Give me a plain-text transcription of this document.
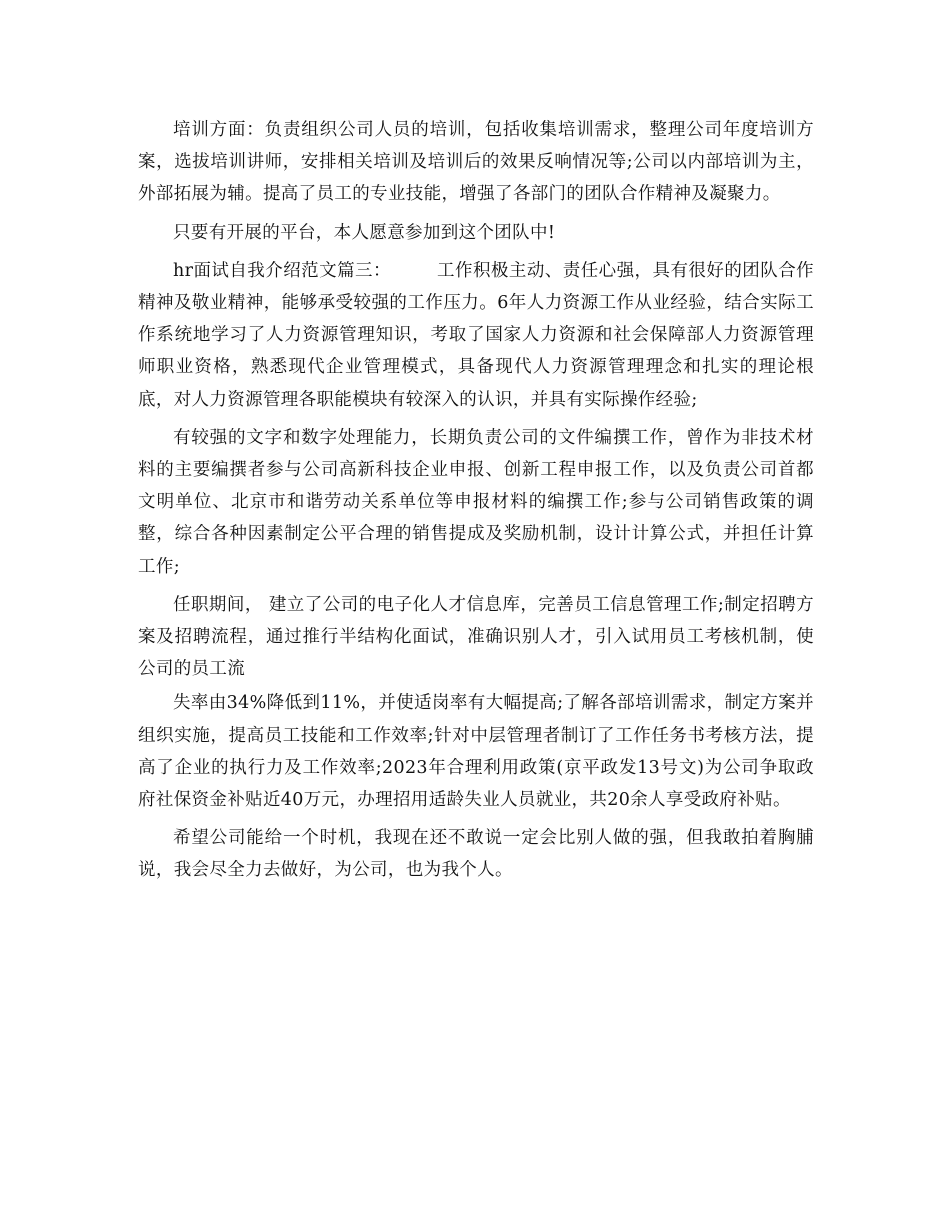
培训方面：负责组织公司人员的培训，包括收集培训需求，整理公司年度培训方案，选拔培训讲师，安排相关培训及培训后的效果反响情况等;公司以内部培训为主，外部拓展为辅。提高了员工的专业技能，增强了各部门的团队合作精神及凝聚力。

只要有开展的平台，本人愿意参加到这个团队中!

hr面试自我介绍范文篇三：	工作积极主动、责任心强，具有很好的团队合作精神及敬业精神，能够承受较强的工作压力。6年人力资源工作从业经验，结合实际工作系统地学习了人力资源管理知识，考取了国家人力资源和社会保障部人力资源管理师职业资格，熟悉现代企业管理模式，具备现代人力资源管理理念和扎实的理论根底，对人力资源管理各职能模块有较深入的认识，并具有实际操作经验;

有较强的文字和数字处理能力，长期负责公司的文件编撰工作，曾作为非技术材料的主要编撰者参与公司高新科技企业申报、创新工程申报工作，以及负责公司首都文明单位、北京市和谐劳动关系单位等申报材料的编撰工作;参与公司销售政策的调整，综合各种因素制定公平合理的销售提成及奖励机制，设计计算公式，并担任计算工作;

任职期间， 建立了公司的电子化人才信息库，完善员工信息管理工作;制定招聘方案及招聘流程，通过推行半结构化面试，准确识别人才，引入试用员工考核机制，使公司的员工流

失率由34%降低到11%，并使适岗率有大幅提高;了解各部培训需求，制定方案并组织实施，提高员工技能和工作效率;针对中层管理者制订了工作任务书考核方法，提高了企业的执行力及工作效率;2023年合理利用政策(京平政发13号文)为公司争取政府社保资金补贴近40万元，办理招用适龄失业人员就业，共20余人享受政府补贴。

希望公司能给一个时机，我现在还不敢说一定会比别人做的强，但我敢拍着胸脯说，我会尽全力去做好，为公司，也为我个人。
